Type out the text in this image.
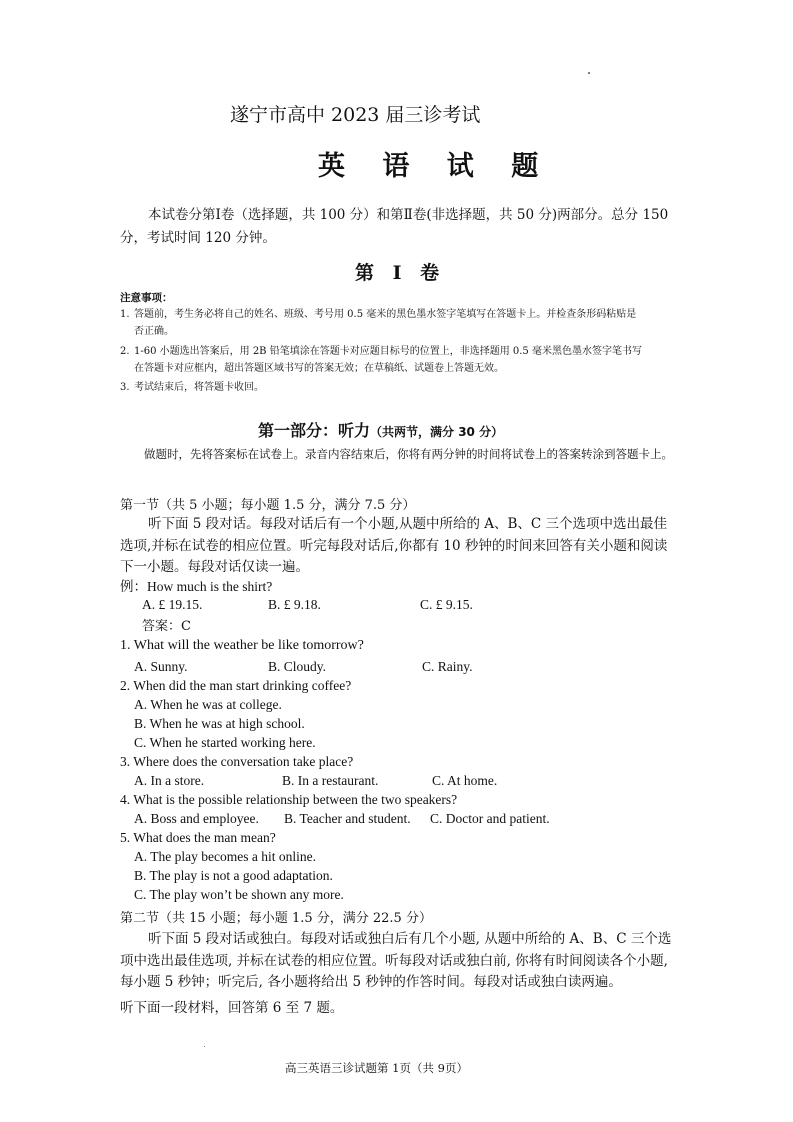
遂宁市高中 2023 届三诊考试
英 语 试 题
本试卷分第Ⅰ卷（选择题，共 100 分）和第Ⅱ卷(非选择题，共 50 分)两部分。总分 150 分，考试时间 120 分钟。
第 Ⅰ 卷
注意事项：
1. 答题前，考生务必将自己的姓名、班级、考号用 0.5 毫米的黑色墨水签字笔填写在答题卡上。并检查条形码粘贴是
否正确。
2. 1-60 小题选出答案后，用 2B 铅笔填涂在答题卡对应题目标号的位置上，非选择题用 0.5 毫米黑色墨水签字笔书写
在答题卡对应框内，超出答题区域书写的答案无效；在草稿纸、试题卷上答题无效。
3. 考试结束后，将答题卡收回。
第一部分：听力（共两节，满分 30 分）
做题时，先将答案标在试卷上。录音内容结束后，你将有两分钟的时间将试卷上的答案转涂到答题卡上。
第一节（共 5 小题；每小题 1.5 分，满分 7.5 分）
听下面 5 段对话。每段对话后有一个小题,从题中所给的 A、B、C 三个选项中选出最佳选项,并标在试卷的相应位置。听完每段对话后,你都有 10 秒钟的时间来回答有关小题和阅读下一小题。每段对话仅读一遍。
例：How much is the shirt?
A. £ 19.15.	B. £ 9.18.	C. £ 9.15.
答案：C
1. What will the weather be like tomorrow?
A. Sunny.	B. Cloudy.	C. Rainy.
2. When did the man start drinking coffee?
A. When he was at college.
B. When he was at high school.
C. When he started working here.
3. Where does the conversation take place?
A. In a store.	B. In a restaurant.	C. At home.
4. What is the possible relationship between the two speakers?
A. Boss and employee. B. Teacher and student. C. Doctor and patient.
5. What does the man mean?
A. The play becomes a hit online.
B. The play is not a good adaptation.
C. The play won’t be shown any more.
第二节（共 15 小题；每小题 1.5 分，满分 22.5 分）
听下面 5 段对话或独白。每段对话或独白后有几个小题, 从题中所给的 A、B、C 三个选项中选出最佳选项, 并标在试卷的相应位置。听每段对话或独白前, 你将有时间阅读各个小题, 每小题 5 秒钟；听完后, 各小题将给出 5 秒钟的作答时间。每段对话或独白读两遍。
听下面一段材料，回答第 6 至 7 题。
高三英语三诊试题第 1页（共 9页）
